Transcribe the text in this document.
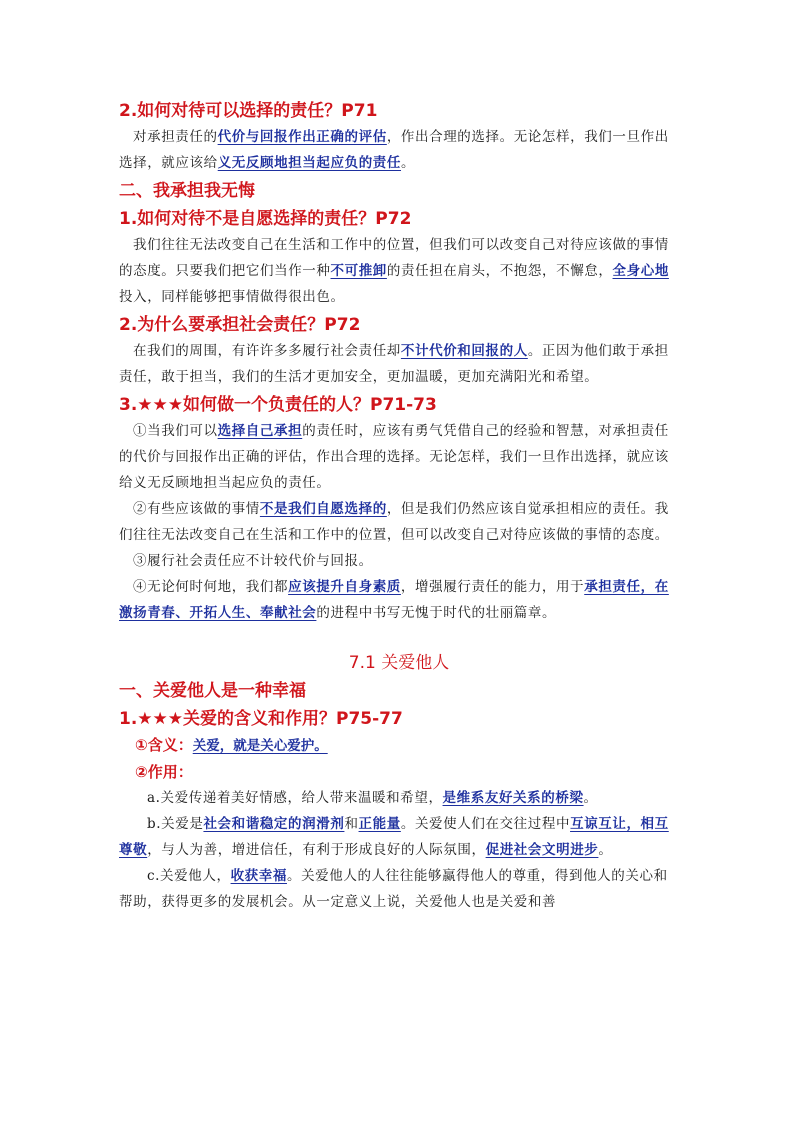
2.如何对待可以选择的责任？P71

对承担责任的代价与回报作出正确的评估，作出合理的选择。无论怎样，我们一旦作出选择，就应该给义无反顾地担当起应负的责任。

二、我承担我无悔
1.如何对待不是自愿选择的责任？P72

我们往往无法改变自己在生活和工作中的位置，但我们可以改变自己对待应该做的事情的态度。只要我们把它们当作一种不可推卸的责任担在肩头，不抱怨，不懈怠，全身心地投入，同样能够把事情做得很出色。

2.为什么要承担社会责任？P72

在我们的周围，有许许多多履行社会责任却不计代价和回报的人。正因为他们敢于承担责任，敢于担当，我们的生活才更加安全，更加温暖，更加充满阳光和希望。

3.★★★如何做一个负责任的人？P71-73

①当我们可以选择自己承担的责任时，应该有勇气凭借自己的经验和智慧，对承担责任的代价与回报作出正确的评估，作出合理的选择。无论怎样，我们一旦作出选择，就应该给义无反顾地担当起应负的责任。

②有些应该做的事情不是我们自愿选择的，但是我们仍然应该自觉承担相应的责任。我们往往无法改变自己在生活和工作中的位置，但可以改变自己对待应该做的事情的态度。

③履行社会责任应不计较代价与回报。

④无论何时何地，我们都应该提升自身素质，增强履行责任的能力，用于承担责任，在激扬青春、开拓人生、奉献社会的进程中书写无愧于时代的壮丽篇章。

7.1 关爱他人
一、关爱他人是一种幸福
1.★★★关爱的含义和作用？P75-77
①含义：关爱，就是关心爱护。
②作用：

a.关爱传递着美好情感，给人带来温暖和希望，是维系友好关系的桥梁。

b.关爱是社会和谐稳定的润滑剂和正能量。关爱使人们在交往过程中互谅互让，相互尊敬，与人为善，增进信任，有利于形成良好的人际氛围，促进社会文明进步。

c.关爱他人，收获幸福。关爱他人的人往往能够赢得他人的尊重，得到他人的关心和帮助，获得更多的发展机会。从一定意义上说，关爱他人也是关爱和善
